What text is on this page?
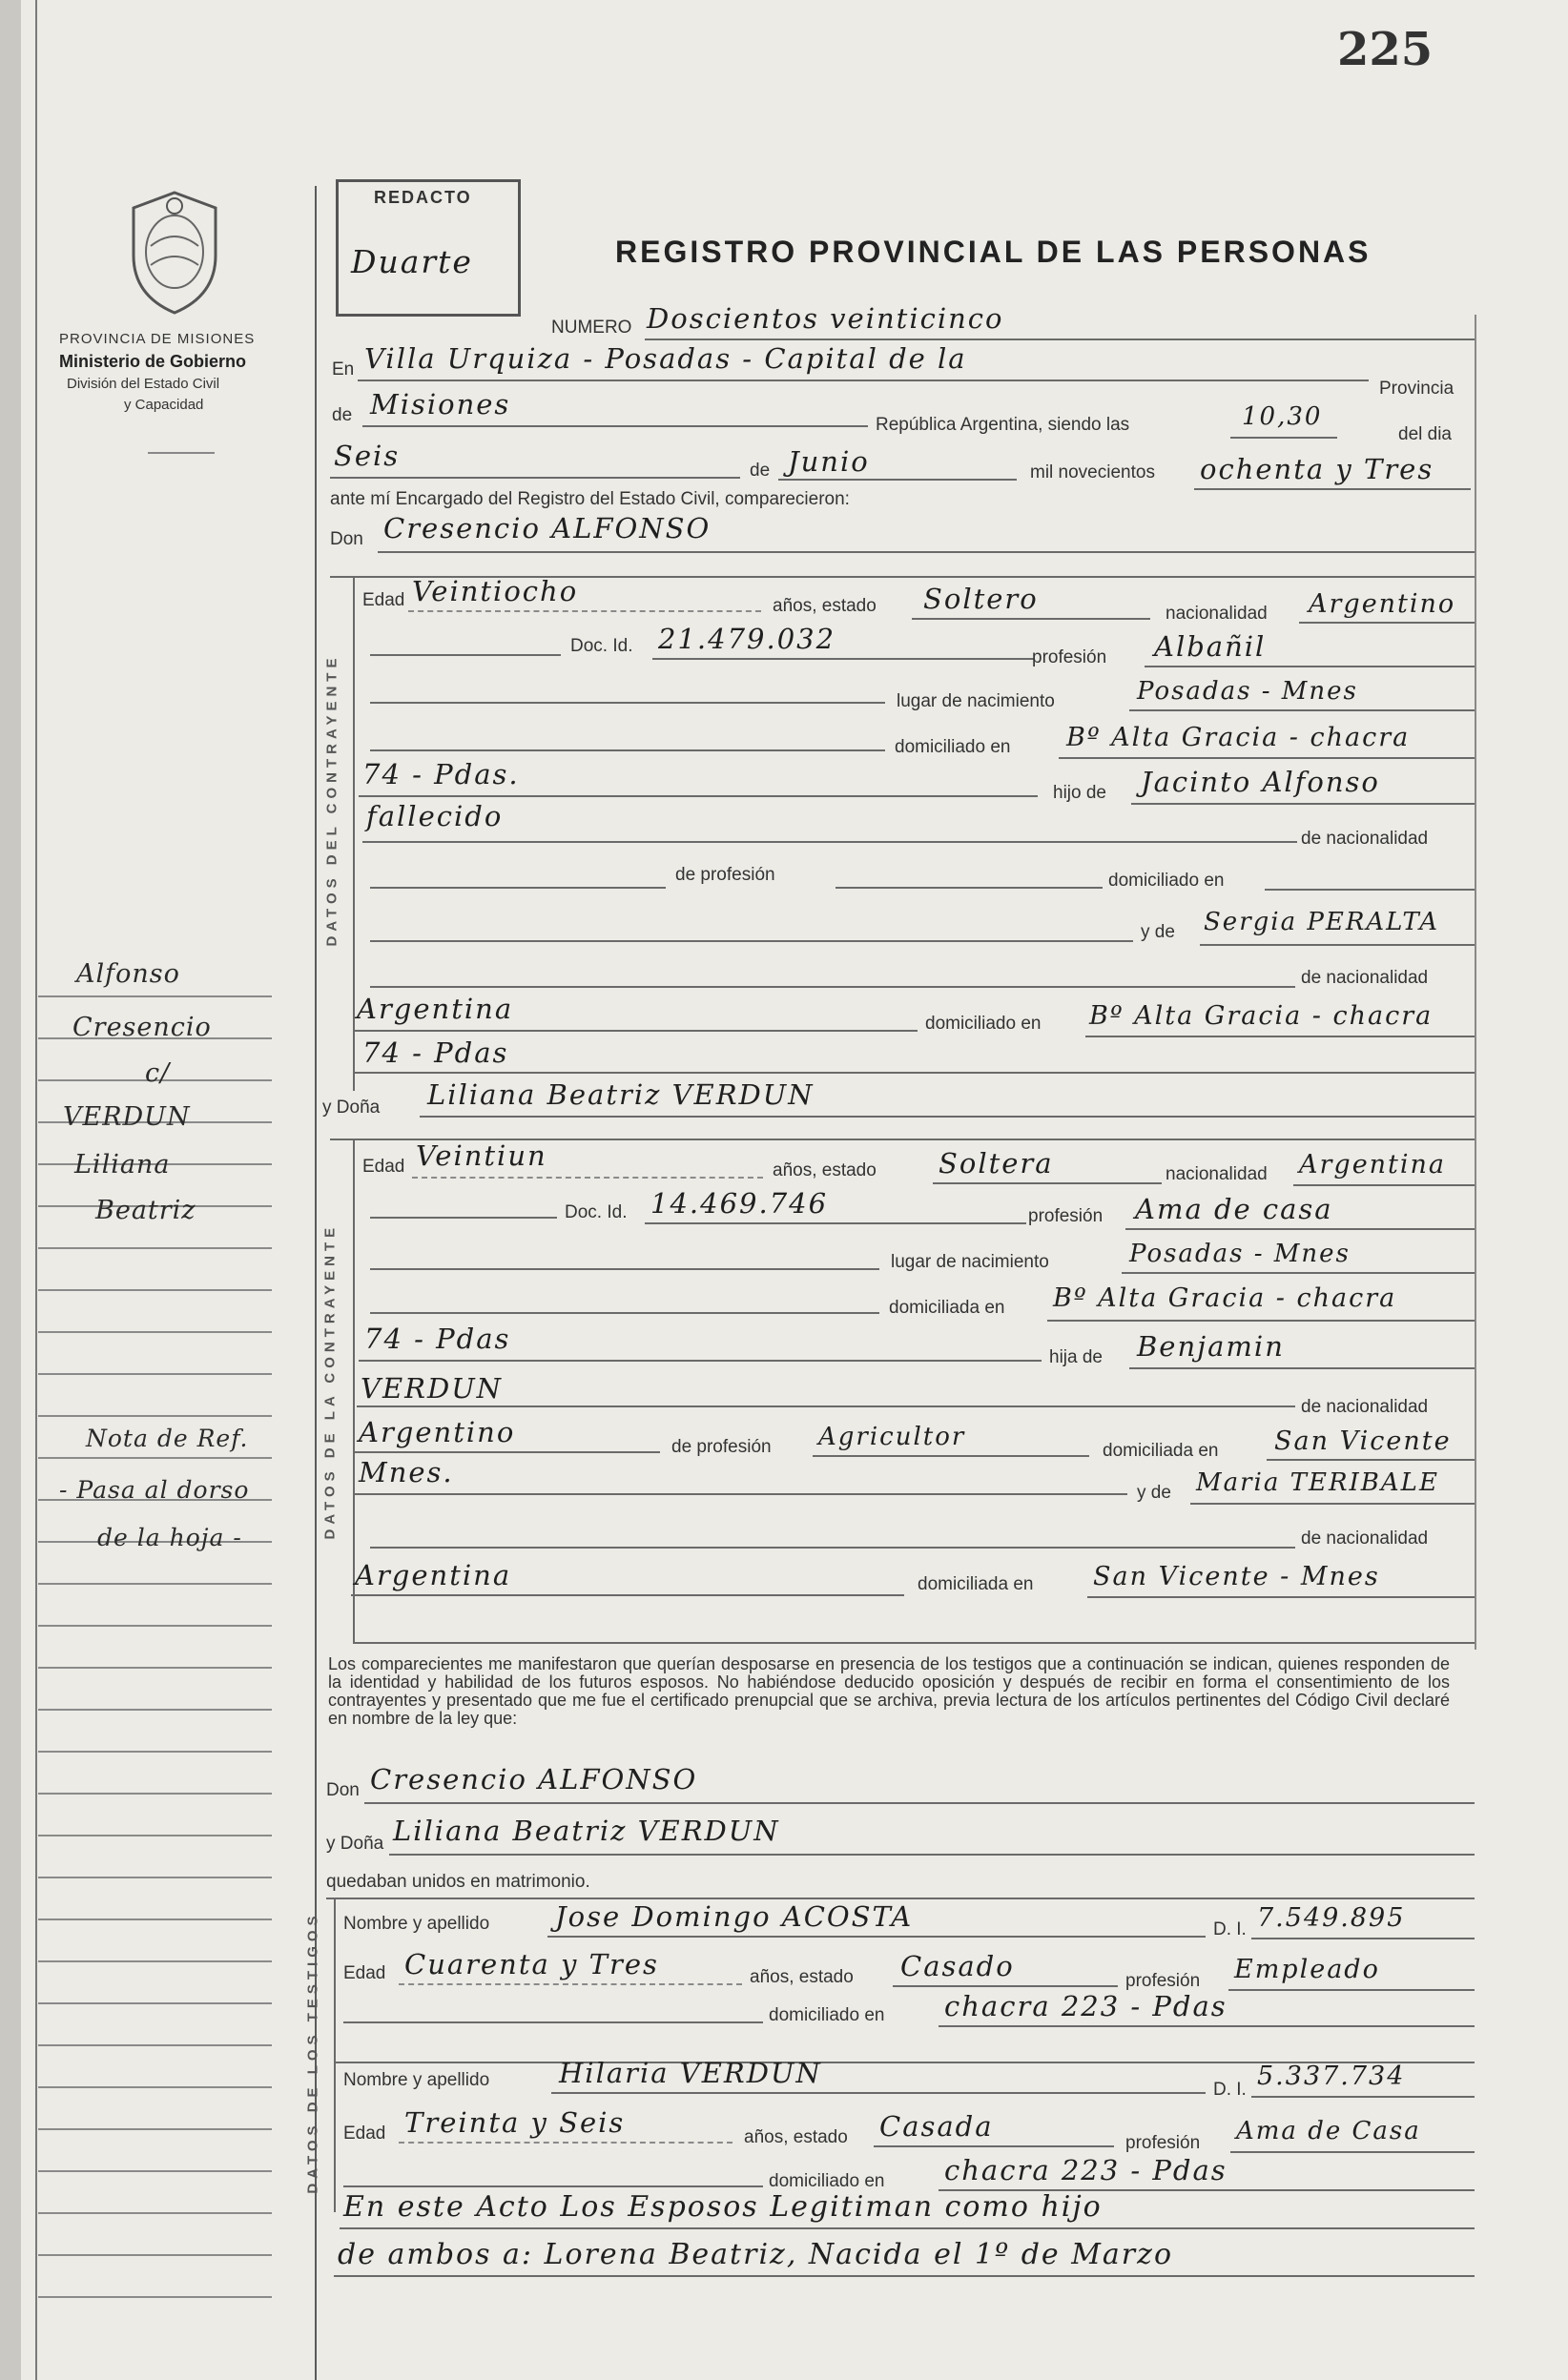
225
PROVINCIA DE MISIONES
Ministerio de Gobierno
División del Estado Civil
y Capacidad
REDACTO
Duarte	REGISTRO PROVINCIAL DE LAS PERSONAS
NUMERO Doscientos veinticinco
En Villa Urquiza - Posadas - Capital de la
Provincia
de Misiones
República Argentina, siendo las	10,30
del dia
Seis	de Junio	mil novecientos ochenta y Tres
ante mí Encargado del Registro del Estado Civil, comparecieron:
Don Cresencio ALFONSO
DATOS DEL CONTRAYENTE
Edad Veintiocho	años, estado Soltero	nacionalidad Argentino
Doc. Id. 21.479.032
profesión Albañil
lugar de nacimiento	Posadas - Mnes
domiciliado en Bº Alta Gracia - chacra
74 - Pdas.
hijo de Jacinto Alfonso
fallecido
de nacionalidad
de profesión	domiciliado en
y de Sergia PERALTA
de nacionalidad
Argentina	domiciliado en Bº Alta Gracia - chacra
74 - Pdas
y Doña Liliana Beatriz VERDUN
DATOS DE LA CONTRAYENTE
Edad Veintiun	años, estado Soltera	nacionalidad Argentina
Doc. Id. 14.469.746	profesión Ama de casa
lugar de nacimiento	Posadas - Mnes
domiciliada en Bº Alta Gracia - chacra
74 - Pdas
hija de Benjamin
VERDUN
de nacionalidad
Argentino	de profesión Agricultor	domiciliada en San Vicente
Mnes.
y de Maria TERIBALE
de nacionalidad
Argentina	domiciliada en San Vicente - Mnes
Los comparecientes me manifestaron que querían desposarse en presencia de los testigos que a continuación se indican, quienes responden de la identidad y habilidad de los futuros esposos. No habiéndose deducido oposición y después de recibir en forma el consentimiento de los contrayentes y presentado que me fue el certificado prenupcial que se archiva, previa lectura de los artículos pertinentes del Código Civil declaré en nombre de la ley que:
Don Cresencio ALFONSO
y Doña Liliana Beatriz VERDUN
quedaban unidos en matrimonio.
DATOS DE LOS TESTIGOS Nombre y apellido Jose Domingo ACOSTA	D. I. 7.549.895
Edad Cuarenta y Tres	años, estado Casado	profesión Empleado
domiciliado en chacra 223 - Pdas
Nombre y apellido	Hilaria VERDUN
D. I. 5.337.734
Edad Treinta y Seis	años, estado Casada
profesión Ama de Casa
domiciliado en chacra 223 - Pdas
En este Acto Los Esposos Legitiman como hijo
de ambos a: Lorena Beatriz, Nacida el 1º de Marzo
Alfonso
Cresencio
c/
VERDUN
Liliana
Beatriz
Nota de Ref.
- Pasa al dorso
de la hoja -
